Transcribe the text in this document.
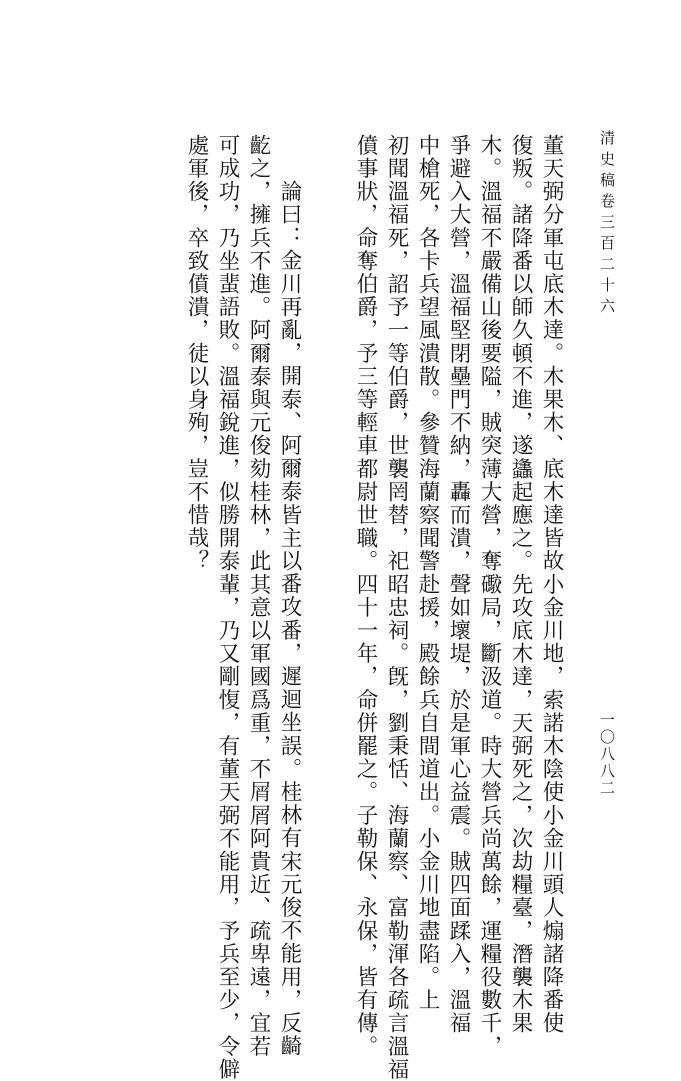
清史稿卷三百二十六
一〇八八二
董天弼分軍屯底木達。木果木、底木達皆故小金川地，索諾木陰使小金川頭人煽諸降番使
復叛。諸降番以師久頓不進，遂蠭起應之。先攻底木達，天弼死之，次劫糧臺，潛襲木果
木。溫福不嚴備山後要隘，賊突薄大營，奪礮局，斷汲道。時大營兵尚萬餘，運糧役數千，
爭避入大營，溫福堅閉壘門不納，轟而潰，聲如壞堤，於是軍心益震。賊四面蹂入，溫福
中槍死，各卡兵望風潰散。參贊海蘭察聞警赴援，殿餘兵自間道出。小金川地盡陷。上
初聞溫福死，詔予一等伯爵，世襲罔替，祀昭忠祠。旣，劉秉恬、海蘭察、富勒渾各疏言溫福
僨事狀，命奪伯爵，予三等輕車都尉世職。四十一年，命併罷之。子勒保、永保，皆有傳。
論曰：金川再亂，開泰、阿爾泰皆主以番攻番，遲迴坐誤。桂林有宋元俊不能用，反齮
齕之，擁兵不進。阿爾泰與元俊劾桂林，此其意以軍國爲重，不屑屑阿貴近、疏卑遠，宜若
可成功，乃坐蜚語敗。溫福銳進，似勝開泰輩，乃又剛愎，有董天弼不能用，予兵至少，令僻
處軍後，卒致僨潰，徒以身殉，豈不惜哉？
